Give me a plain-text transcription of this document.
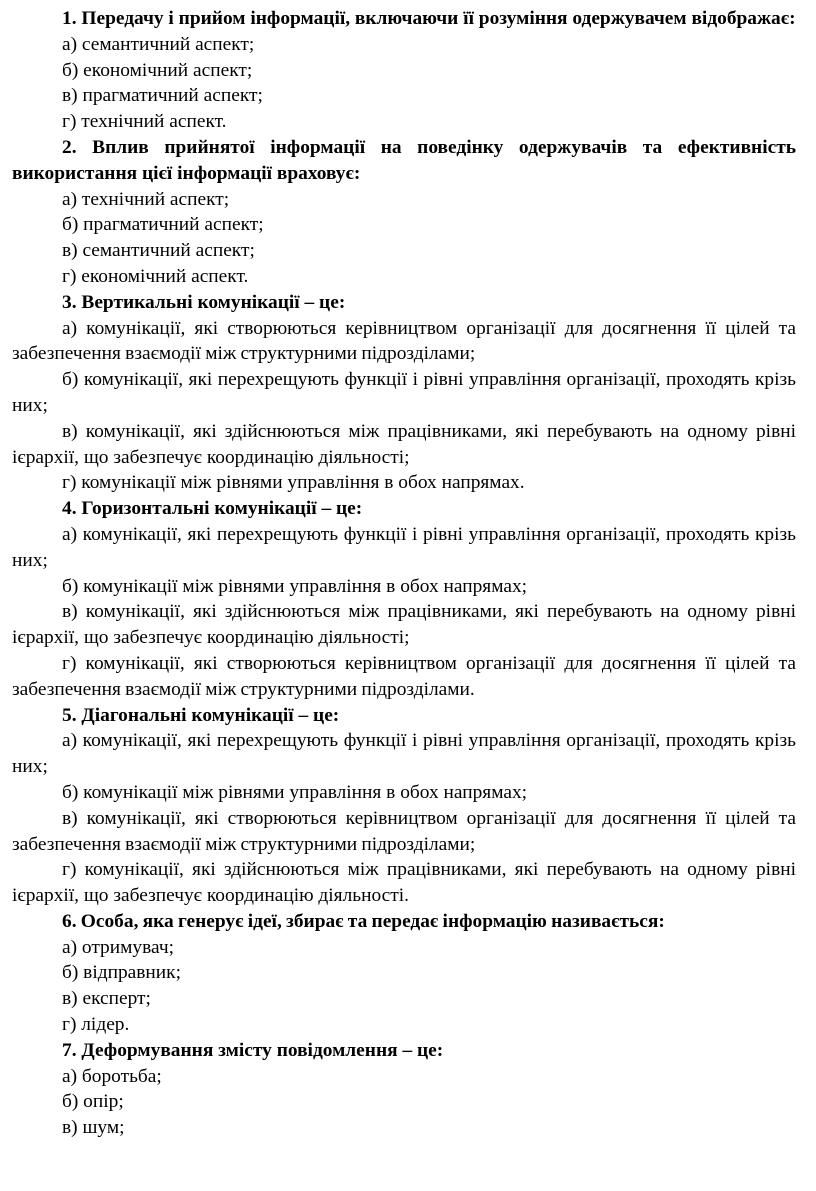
1. Передачу і прийом інформації, включаючи її розуміння одержувачем відображає:

а) семантичний аспект;

б) економічний аспект;

в) прагматичний аспект;

г) технічний аспект.

2. Вплив прийнятої інформації на поведінку одержувачів та ефективність використання цієї інформації враховує:

а) технічний аспект;

б) прагматичний аспект;

в) семантичний аспект;

г) економічний аспект.

3. Вертикальні комунікації – це:

а) комунікації, які створюються керівництвом організації для досягнення її цілей та забезпечення взаємодії між структурними підрозділами;

б) комунікації, які перехрещують функції і рівні управління організації, проходять крізь них;

в) комунікації, які здійснюються між працівниками, які перебувають на одному рівні ієрархії, що забезпечує координацію діяльності;

г) комунікації між рівнями управління в обох напрямах.

4. Горизонтальні комунікації – це:

а) комунікації, які перехрещують функції і рівні управління організації, проходять крізь них;

б) комунікації між рівнями управління в обох напрямах;

в) комунікації, які здійснюються між працівниками, які перебувають на одному рівні ієрархії, що забезпечує координацію діяльності;

г) комунікації, які створюються керівництвом організації для досягнення її цілей та забезпечення взаємодії між структурними підрозділами.

5. Діагональні комунікації – це:

а) комунікації, які перехрещують функції і рівні управління організації, проходять крізь них;

б) комунікації між рівнями управління в обох напрямах;

в) комунікації, які створюються керівництвом організації для досягнення її цілей та забезпечення взаємодії між структурними підрозділами;

г) комунікації, які здійснюються між працівниками, які перебувають на одному рівні ієрархії, що забезпечує координацію діяльності.

6. Особа, яка генерує ідеї, збирає та передає інформацію називається:

а) отримувач;

б) відправник;

в) експерт;

г) лідер.

7. Деформування змісту повідомлення – це:

а) боротьба;

б) опір;

в) шум;
